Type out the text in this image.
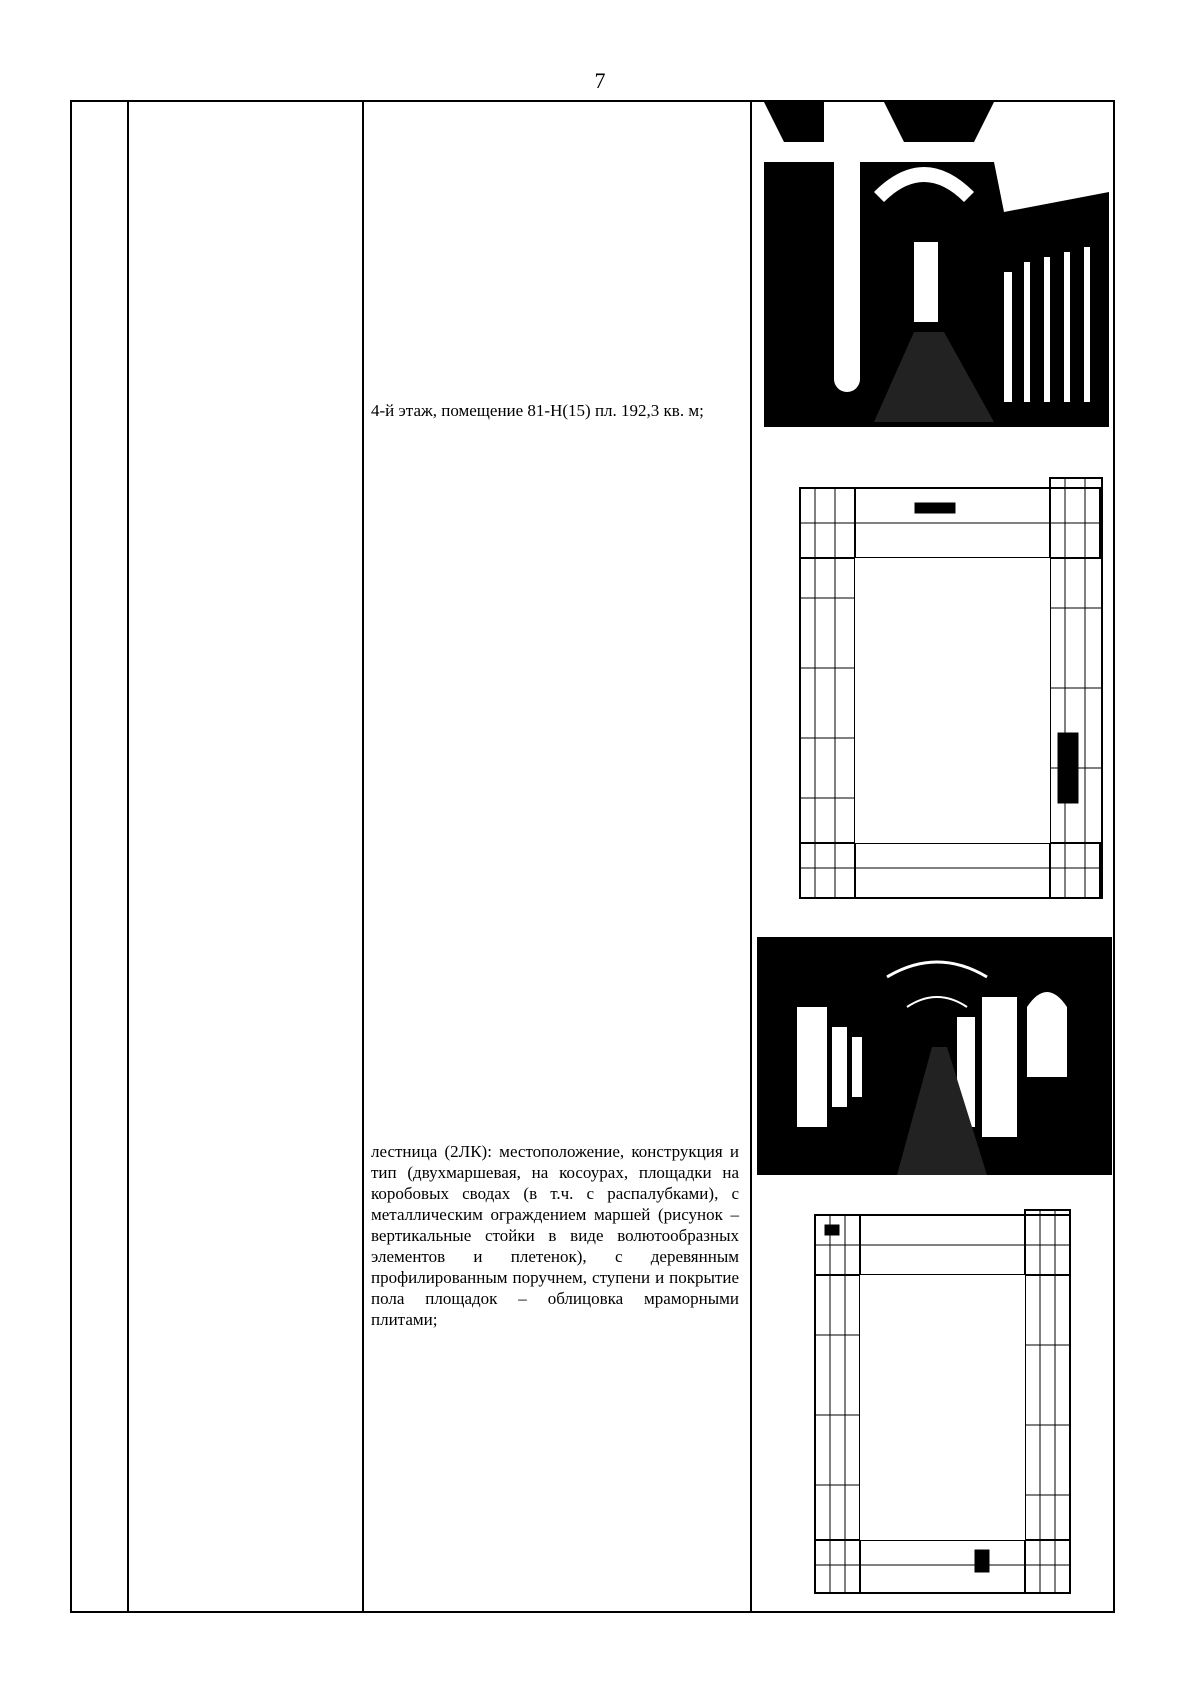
7
4-й этаж, помещение 81-Н(15) пл. 192,3 кв. м;
лестница (2ЛК): местоположение, конструкция и тип (двухмаршевая, на косоурах, площадки на коробовых сводах (в т.ч. с распалубками), с металлическим ограждением маршей (рисунок – вертикальные стойки в виде волютообразных элементов и плетенок), с деревянным профилированным поручнем, ступени и покрытие пола площадок – облицовка мраморными плитами;
